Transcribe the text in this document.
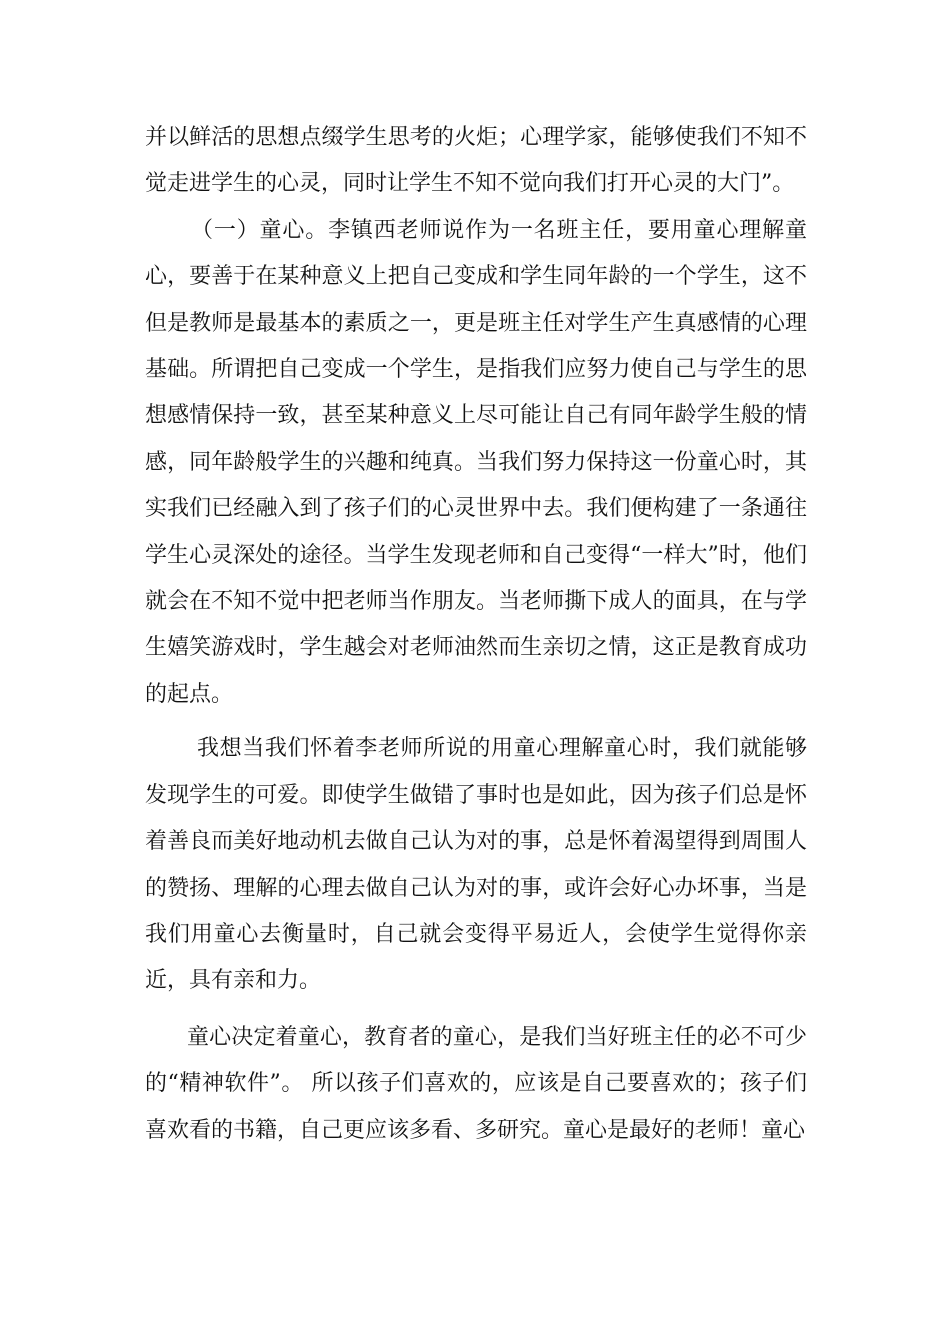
并以鲜活的思想点缀学生思考的火炬；心理学家，能够使我们不知不觉走进学生的心灵，同时让学生不知不觉向我们打开心灵的大门”。

（一）童心。李镇西老师说作为一名班主任，要用童心理解童心，要善于在某种意义上把自己变成和学生同年龄的一个学生，这不但是教师是最基本的素质之一，更是班主任对学生产生真感情的心理基础。所谓把自己变成一个学生，是指我们应努力使自己与学生的思想感情保持一致，甚至某种意义上尽可能让自己有同年龄学生般的情感，同年龄般学生的兴趣和纯真。当我们努力保持这一份童心时，其实我们已经融入到了孩子们的心灵世界中去。我们便构建了一条通往学生心灵深处的途径。当学生发现老师和自己变得“一样大”时，他们就会在不知不觉中把老师当作朋友。当老师撕下成人的面具，在与学生嬉笑游戏时，学生越会对老师油然而生亲切之情，这正是教育成功的起点。

我想当我们怀着李老师所说的用童心理解童心时，我们就能够发现学生的可爱。即使学生做错了事时也是如此，因为孩子们总是怀着善良而美好地动机去做自己认为对的事，总是怀着渴望得到周围人的赞扬、理解的心理去做自己认为对的事，或许会好心办坏事，当是我们用童心去衡量时，自己就会变得平易近人，会使学生觉得你亲近，具有亲和力。

童心决定着童心，教育者的童心，是我们当好班主任的必不可少的“精神软件”。 所以孩子们喜欢的，应该是自己要喜欢的；孩子们喜欢看的书籍，自己更应该多看、多研究。童心是最好的老师！童心
